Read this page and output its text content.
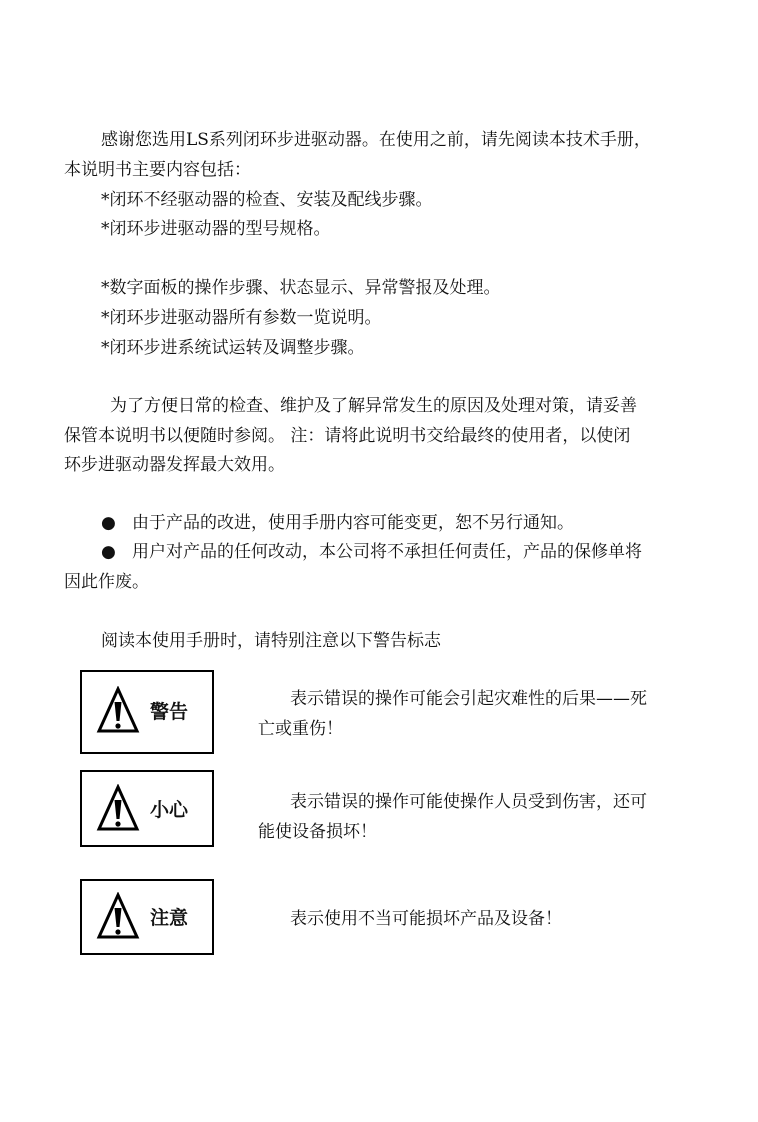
感谢您选用LS系列闭环步进驱动器。在使用之前，请先阅读本技术手册，
本说明书主要内容包括：
*闭环不经驱动器的检查、安装及配线步骤。
*闭环步进驱动器的型号规格。
*数字面板的操作步骤、状态显示、异常警报及处理。
*闭环步进驱动器所有参数一览说明。
*闭环步进系统试运转及调整步骤。
为了方便日常的检查、维护及了解异常发生的原因及处理对策，请妥善
保管本说明书以便随时参阅。 注：请将此说明书交给最终的使用者，以使闭
环步进驱动器发挥最大效用。
● 由于产品的改进，使用手册内容可能变更，恕不另行通知。
● 用户对产品的任何改动，本公司将不承担任何责任，产品的保修单将
因此作废。
阅读本使用手册时，请特别注意以下警告标志
警告
表示错误的操作可能会引起灾难性的后果——死
亡或重伤！
小心	表示错误的操作可能使操作人员受到伤害，还可
能使设备损坏！
注意	表示使用不当可能损坏产品及设备！
